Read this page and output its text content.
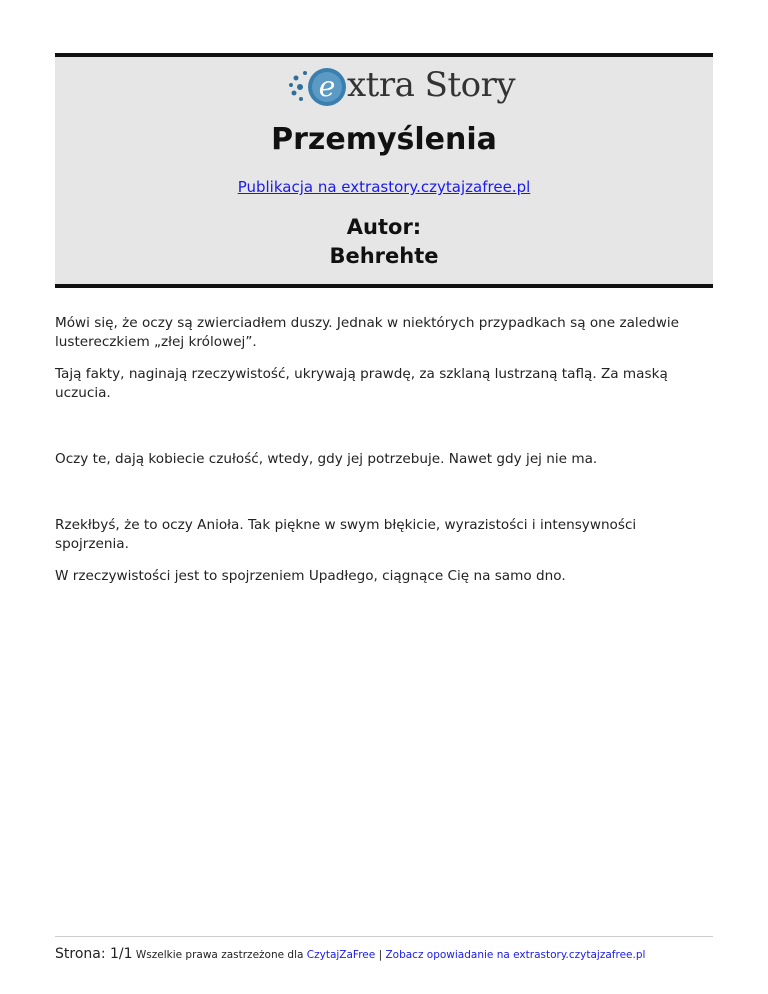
e xtra Story
Przemyślenia
Publikacja na extrastory.czytajzafree.pl
Autor:
Behrehte

Mówi się, że oczy są zwierciadłem duszy. Jednak w niektórych przypadkach są one zaledwie lustereczkiem „złej królowej”.

Tają fakty, naginają rzeczywistość, ukrywają prawdę, za szklaną lustrzaną taflą. Za maską uczucia.

Oczy te, dają kobiecie czułość, wtedy, gdy jej potrzebuje. Nawet gdy jej nie ma.

Rzekłbyś, że to oczy Anioła. Tak piękne w swym błękicie, wyrazistości i intensywności spojrzenia.

W rzeczywistości jest to spojrzeniem Upadłego, ciągnące Cię na samo dno.

Strona: 1/1 Wszelkie prawa zastrzeżone dla CzytajZaFree | Zobacz opowiadanie na extrastory.czytajzafree.pl
